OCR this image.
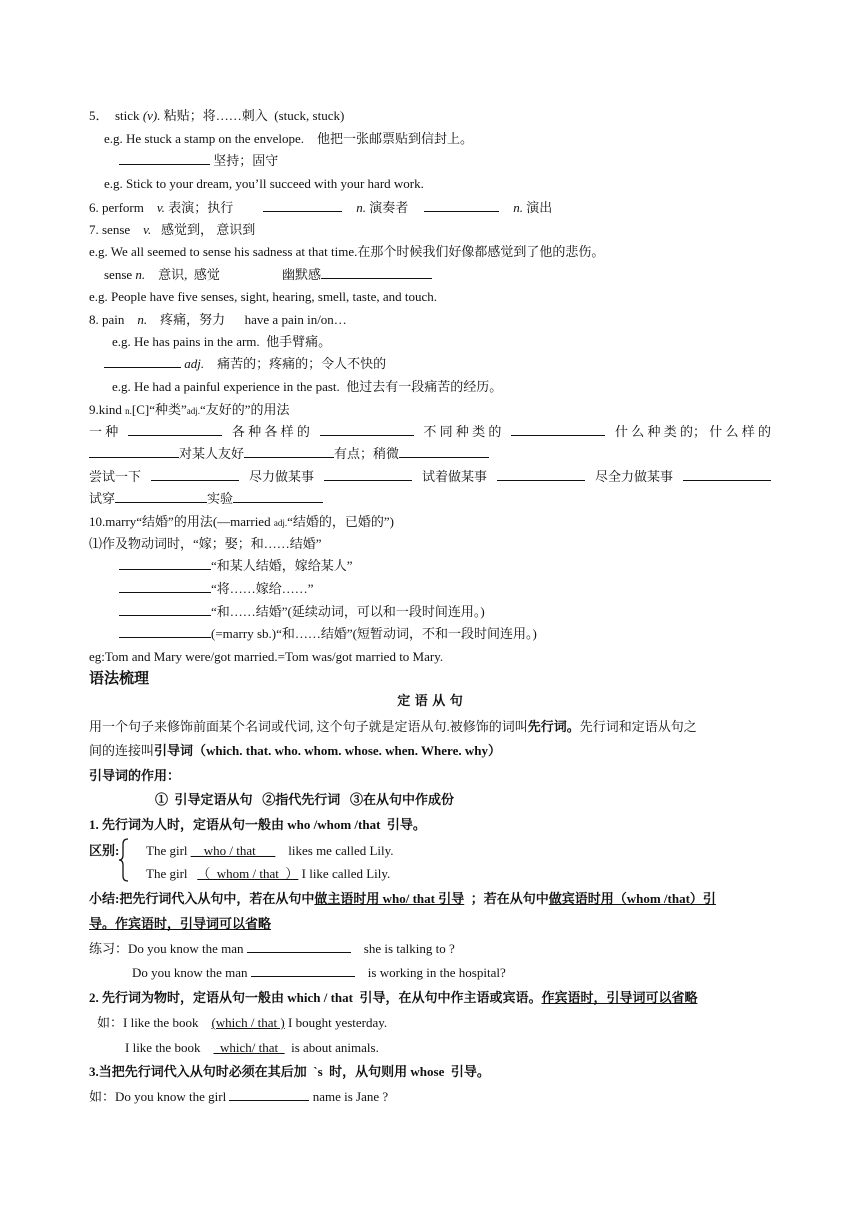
5．  stick (v). 粘贴；将……刺入  (stuck, stuck)
e.g. He stuck a stamp on the envelope.    他把一张邮票贴到信封上。
坚持；固守
e.g. Stick to your dream, you’ll succeed with your hard work.
6. perform    v. 表演；执行	n. 演奏者	n. 演出
7. sense    v.   感觉到， 意识到
e.g. We all seemed to sense his sadness at that time.在那个时候我们好像都感觉到了他的悲伤。
sense n.    意识,  感觉	幽默感
e.g. People have five senses, sight, hearing, smell, taste, and touch.
8. pain    n.    疼痛，努力      have a pain in/on…
e.g. He has pains in the arm.  他手臂痛。
adj.    痛苦的；疼痛的；令人不快的
e.g. He had a painful experience in the past.  他过去有一段痛苦的经历。
9.kind n.[C]“种类”adj.“友好的”的用法
一 种	各 种 各 样 的	不 同 种 类 的	什 么 种 类 的； 什 么 样 的
对某人友好	有点；稍微
尝试一下	尽力做某事	试着做某事	尽全力做某事
试穿	实验
10.marry“结婚”的用法(—married adj.“结婚的，已婚的”)
⑴作及物动词时，“嫁；娶；和……结婚”
“和某人结婚，嫁给某人”
“将……嫁给……”
“和……结婚”(延续动词，可以和一段时间连用。)
(=marry sb.)“和……结婚”(短暂动词，不和一段时间连用。)
eg:Tom and Mary were/got married.=Tom was/got married to Mary.
语法梳理
定 语 从 句
用一个句子来修饰前面某个名词或代词, 这个句子就是定语从句.被修饰的词叫先行词。先行词和定语从句之
间的连接叫引导词（which. that. who. whom. whose. when. Where. why）
引导词的作用：
①  引导定语从句   ②指代先行词   ③在从句中作成份
1. 先行词为人时，定语从句一般由 who /whom /that  引导。
区别: The girl __who / that___    likes me called Lily.
The girl   （  whom / that  ） I like called Lily.
小结:把先行词代入从句中，若在从句中做主语时用 who/ that 引导  ；若在从句中做宾语时用（whom /that）引
导。作宾语时，引导词可以省略
练习：Do you know the man	she is talking to ?
Do you know the man	is working in the hospital?
2. 先行词为物时，定语从句一般由 which / that  引导，在从句中作主语或宾语。作宾语时，引导词可以省略
如：I like the book    (which / that ) I bought yesterday.
I like the book      which/ that    is about animals.
3.当把先行词代入从句时必须在其后加  `s  时，从句则用 whose  引导。
如：Do you know the girl	name is Jane ?
